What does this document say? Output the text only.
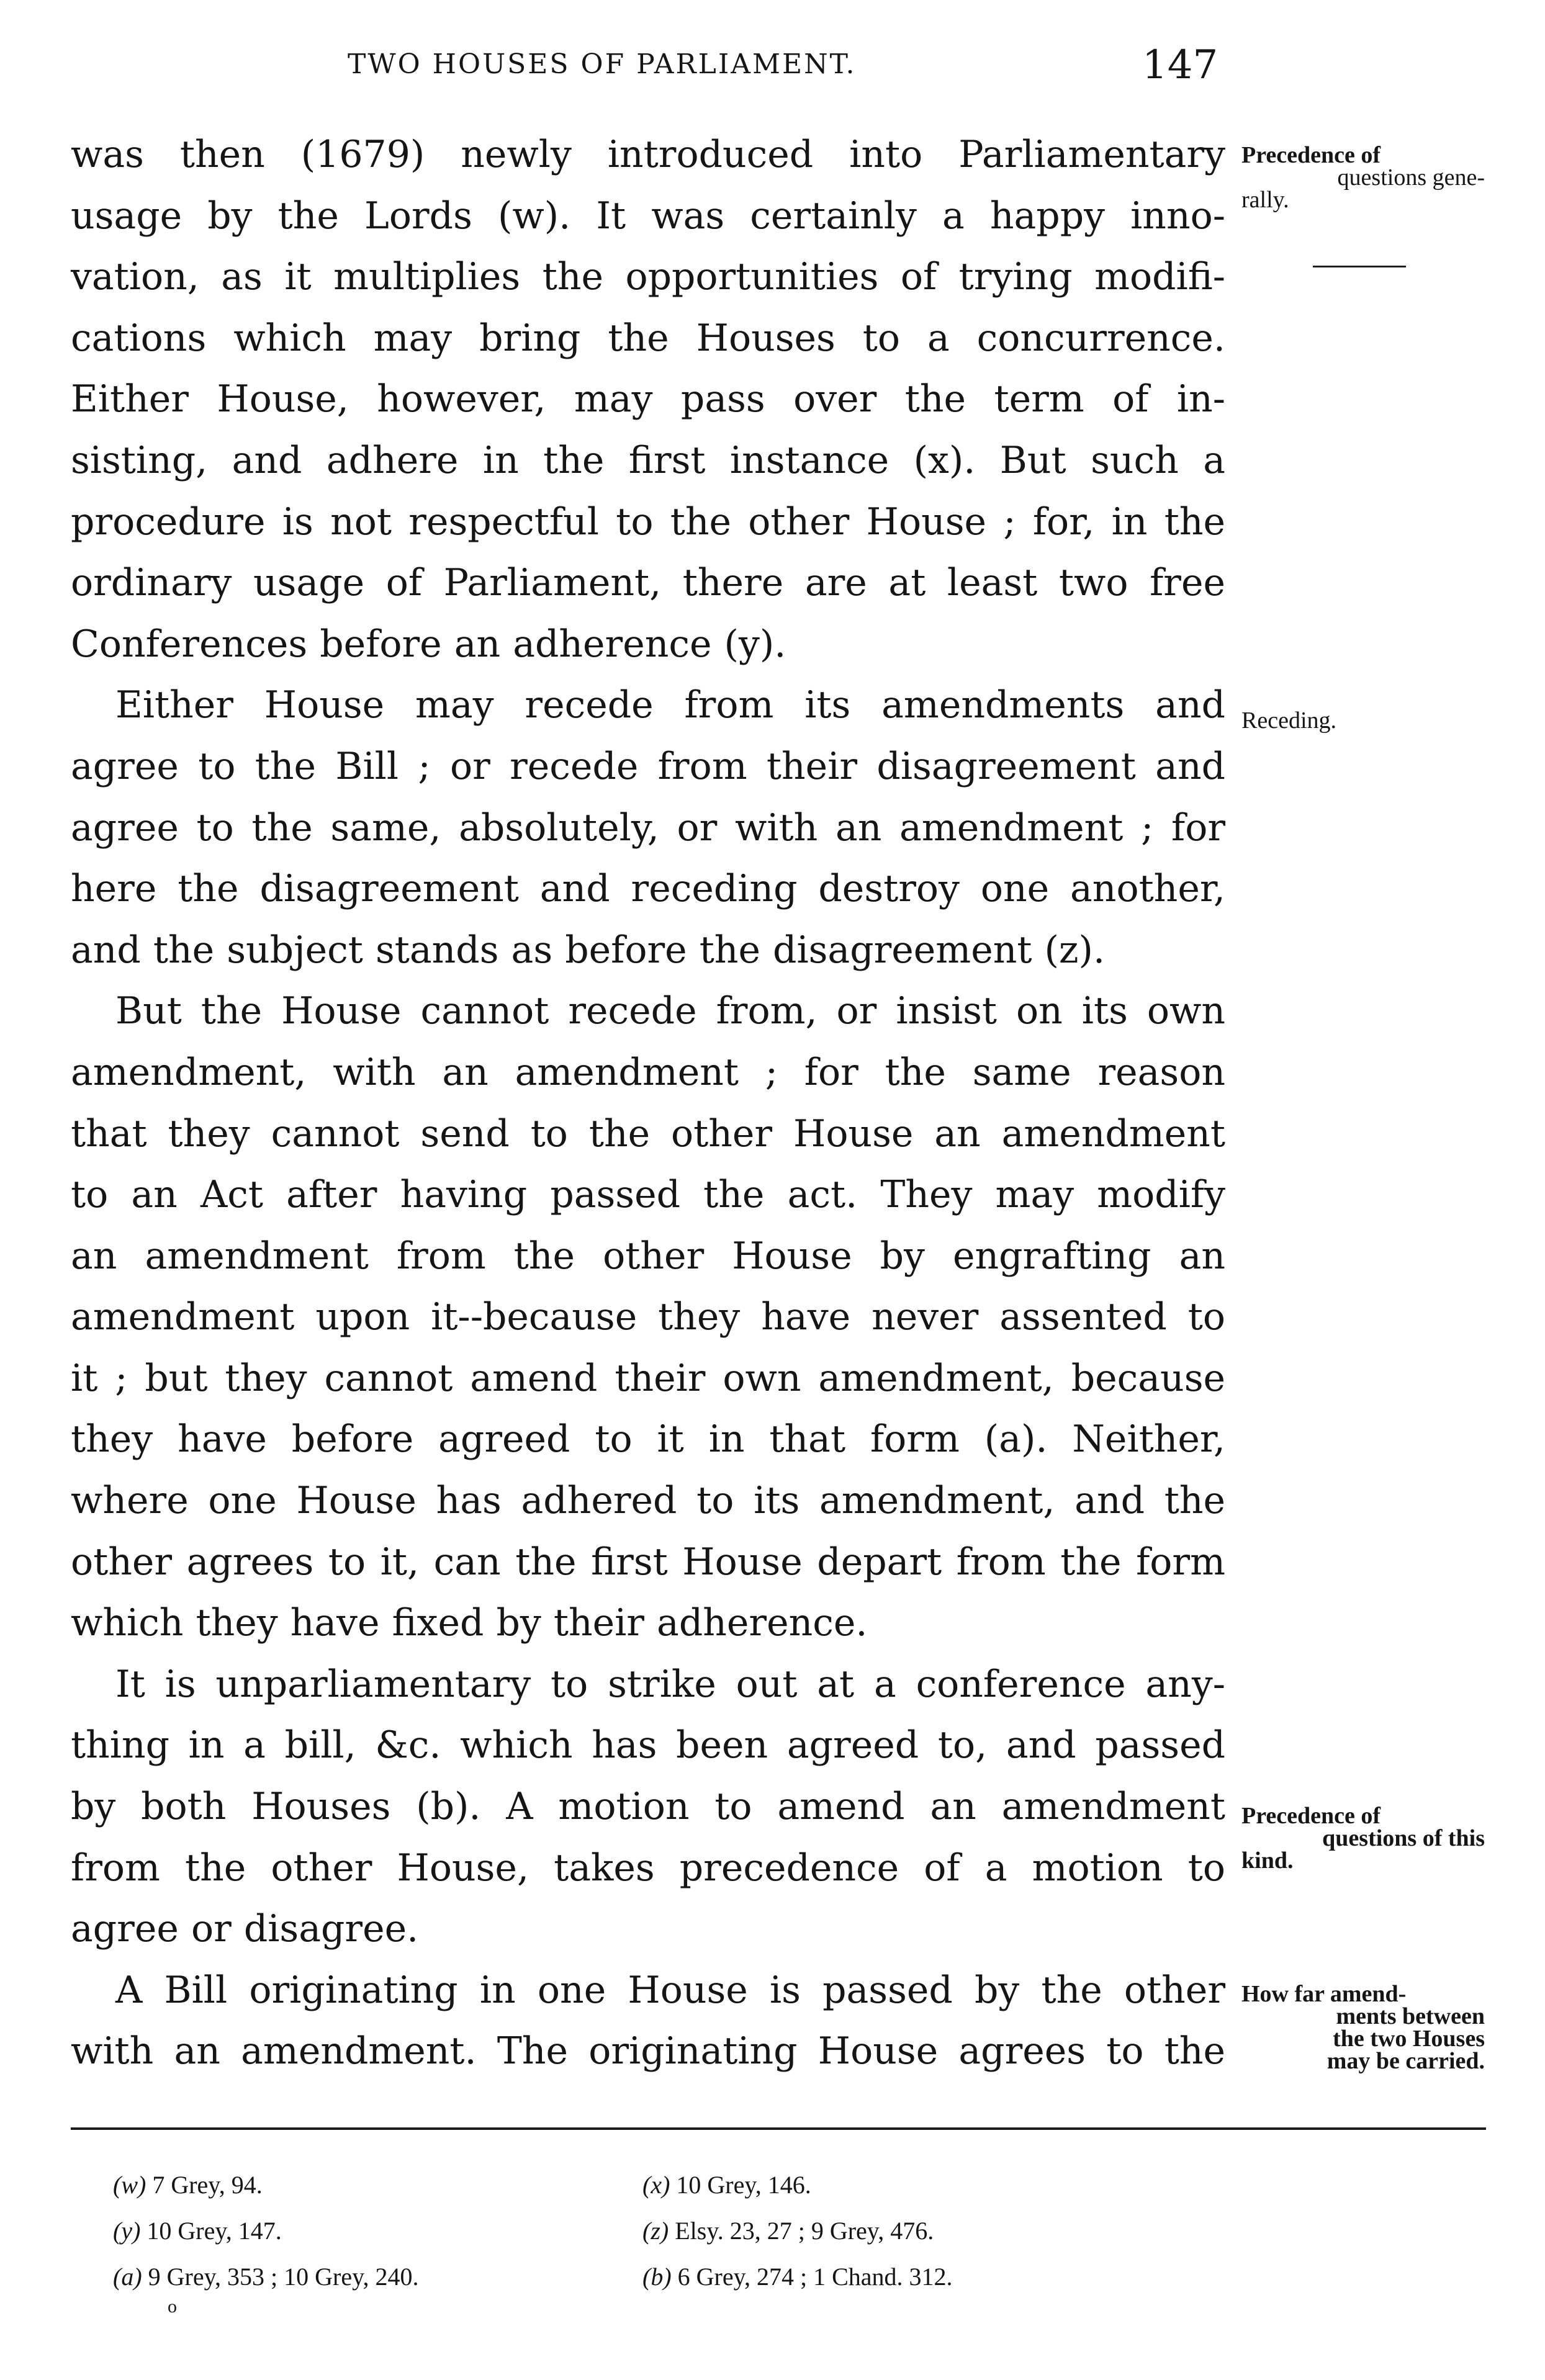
TWO HOUSES OF PARLIAMENT.	147
was then (1679) newly introduced into Parliamentary
usage by the Lords (w). It was certainly a happy inno-
vation, as it multiplies the opportunities of trying modifi-
cations which may bring the Houses to a concurrence.
Either House, however, may pass over the term of in-
sisting, and adhere in the first instance (x). But such a
procedure is not respectful to the other House ; for, in the
ordinary usage of Parliament, there are at least two free
Conferences before an adherence (y).
Either House may recede from its amendments and
agree to the Bill ; or recede from their disagreement and
agree to the same, absolutely, or with an amendment ; for
here the disagreement and receding destroy one another,
and the subject stands as before the disagreement (z).
But the House cannot recede from, or insist on its own
amendment, with an amendment ; for the same reason
that they cannot send to the other House an amendment
to an Act after having passed the act. They may modify
an amendment from the other House by engrafting an
amendment upon it--because they have never assented to
it ; but they cannot amend their own amendment, because
they have before agreed to it in that form (a). Neither,
where one House has adhered to its amendment, and the
other agrees to it, can the first House depart from the form
which they have fixed by their adherence.
It is unparliamentary to strike out at a conference any-
thing in a bill, &c. which has been agreed to, and passed
by both Houses (b). A motion to amend an amendment
from the other House, takes precedence of a motion to
agree or disagree.
A Bill originating in one House is passed by the other
with an amendment. The originating House agrees to the
Precedence of
questions gene-
rally.
Receding.
Precedence of
questions of this
kind.
How far amend-
ments between
the two Houses
may be carried.
(w) 7 Grey, 94.	(x) 10 Grey, 146.
(y) 10 Grey, 147.	(z) Elsy. 23, 27 ; 9 Grey, 476.
(a) 9 Grey, 353 ; 10 Grey, 240.	(b) 6 Grey, 274 ; 1 Chand. 312.
o
